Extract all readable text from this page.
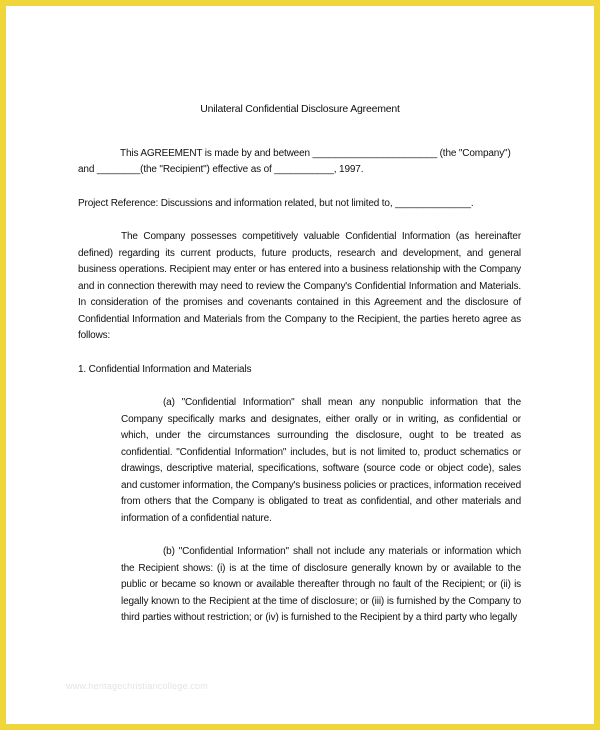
Unilateral Confidential Disclosure Agreement
This AGREEMENT is made by and between _______________________ (the "Company")
and ________(the "Recipient") effective as of ___________, 1997.
Project Reference: Discussions and information related, but not limited to, ______________.
The Company possesses competitively valuable Confidential Information (as hereinafter defined) regarding its current products, future products, research and development, and general business operations. Recipient may enter or has entered into a business relationship with the Company and in connection therewith may need to review the Company's Confidential Information and Materials. In consideration of the promises and covenants contained in this Agreement and the disclosure of Confidential Information and Materials from the Company to the Recipient, the parties hereto agree as follows:
1. Confidential Information and Materials
(a) "Confidential Information" shall mean any nonpublic information that the Company specifically marks and designates, either orally or in writing, as confidential or which, under the circumstances surrounding the disclosure, ought to be treated as confidential. "Confidential Information" includes, but is not limited to, product schematics or drawings, descriptive material, specifications, software (source code or object code), sales and customer information, the Company's business policies or practices, information received from others that the Company is obligated to treat as confidential, and other materials and information of a confidential nature.
(b) "Confidential Information" shall not include any materials or information which the Recipient shows: (i) is at the time of disclosure generally known by or available to the public or became so known or available thereafter through no fault of the Recipient; or (ii) is legally known to the Recipient at the time of disclosure; or (iii) is furnished by the Company to third parties without restriction; or (iv) is furnished to the Recipient by a third party who legally
www.heritagechristiancollege.com
